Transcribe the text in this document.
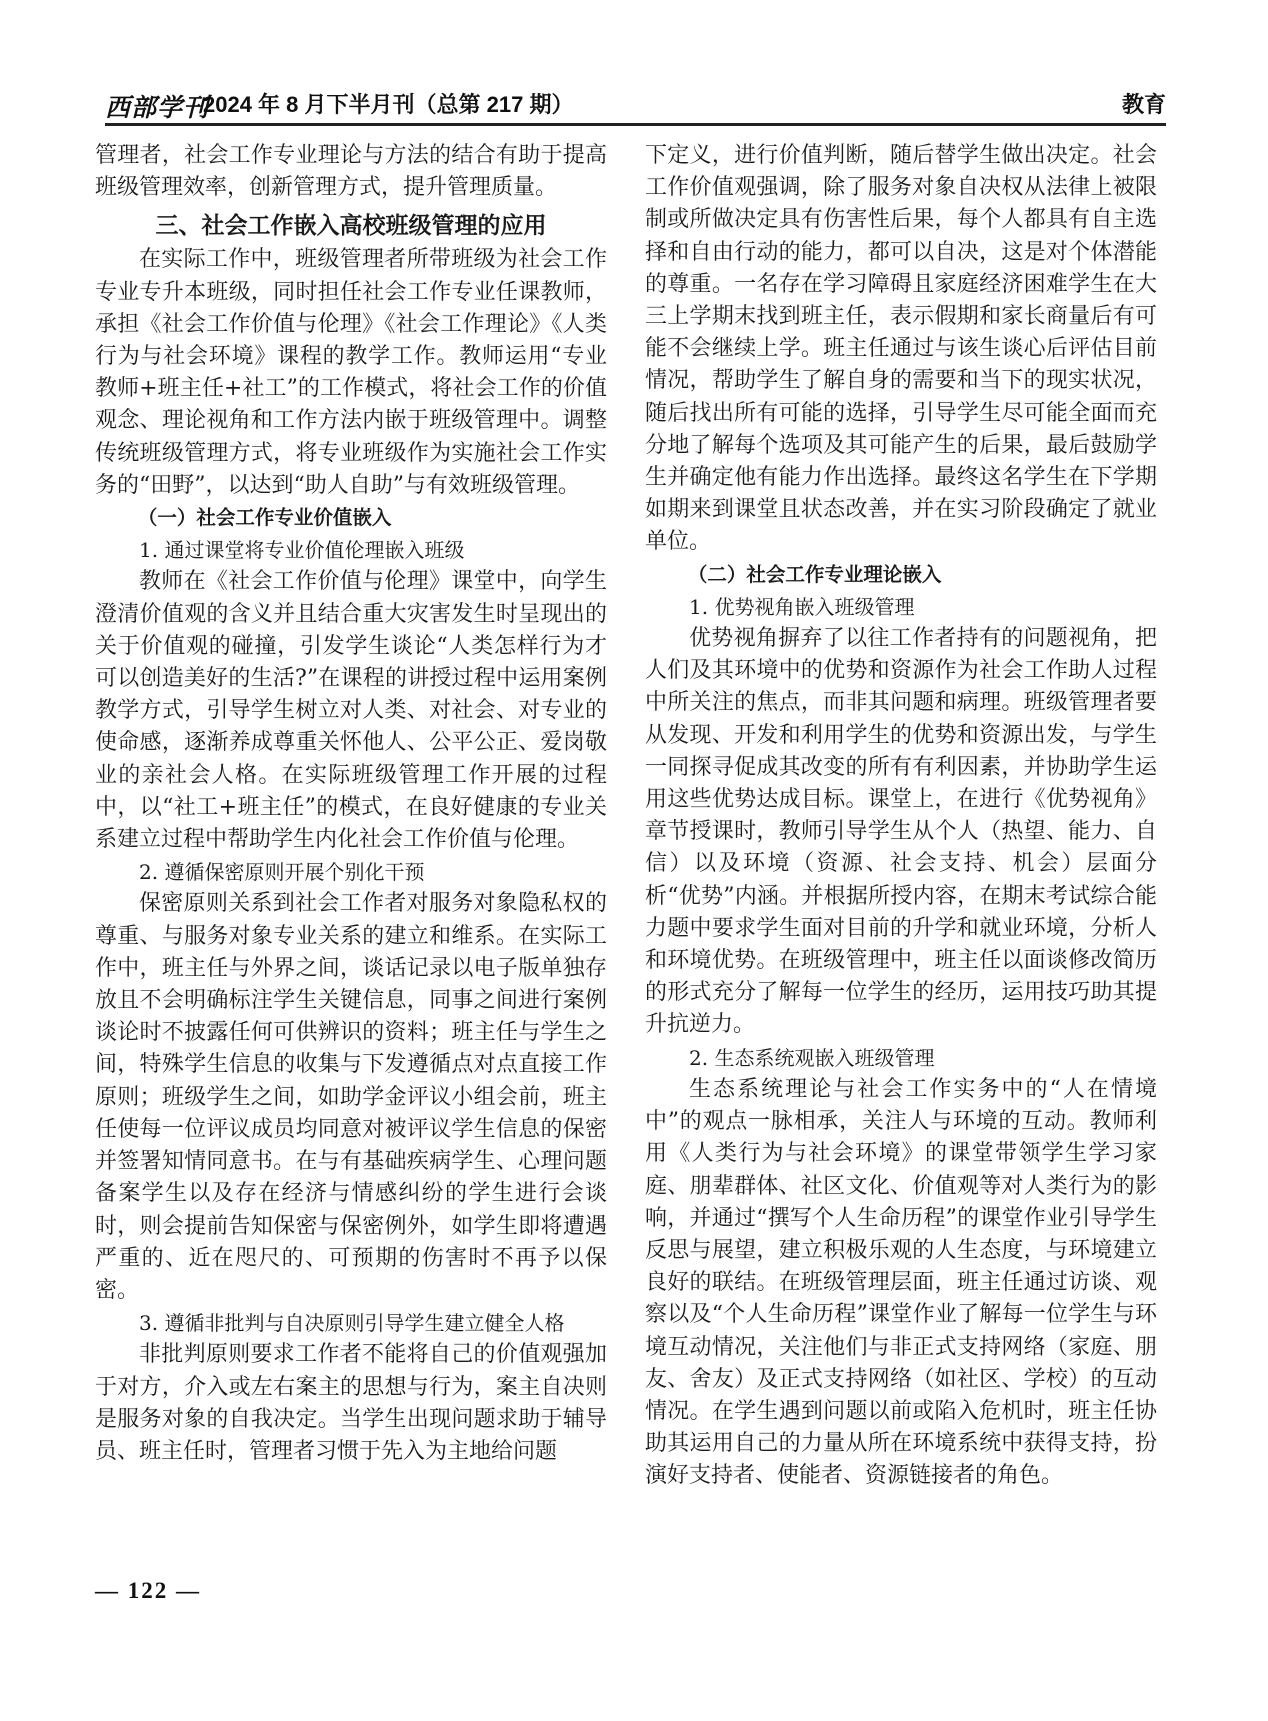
西部学刊
2024 年 8 月下半月刊（总第 217 期）	教育

管理者，社会工作专业理论与方法的结合有助于提高班级管理效率，创新管理方式，提升管理质量。

三、社会工作嵌入高校班级管理的应用

在实际工作中，班级管理者所带班级为社会工作专业专升本班级，同时担任社会工作专业任课教师，承担《社会工作价值与伦理》《社会工作理论》《人类行为与社会环境》课程的教学工作。教师运用“专业教师+班主任+社工”的工作模式，将社会工作的价值观念、理论视角和工作方法内嵌于班级管理中。调整传统班级管理方式，将专业班级作为实施社会工作实务的“田野”，以达到“助人自助”与有效班级管理。

（一）社会工作专业价值嵌入
1. 通过课堂将专业价值伦理嵌入班级

教师在《社会工作价值与伦理》课堂中，向学生澄清价值观的含义并且结合重大灾害发生时呈现出的关于价值观的碰撞，引发学生谈论“人类怎样行为才可以创造美好的生活?”在课程的讲授过程中运用案例教学方式，引导学生树立对人类、对社会、对专业的使命感，逐渐养成尊重关怀他人、公平公正、爱岗敬业的亲社会人格。在实际班级管理工作开展的过程中，以“社工+班主任”的模式，在良好健康的专业关系建立过程中帮助学生内化社会工作价值与伦理。

2. 遵循保密原则开展个别化干预

保密原则关系到社会工作者对服务对象隐私权的尊重、与服务对象专业关系的建立和维系。在实际工作中，班主任与外界之间，谈话记录以电子版单独存放且不会明确标注学生关键信息，同事之间进行案例谈论时不披露任何可供辨识的资料；班主任与学生之间，特殊学生信息的收集与下发遵循点对点直接工作原则；班级学生之间，如助学金评议小组会前，班主任使每一位评议成员均同意对被评议学生信息的保密并签署知情同意书。在与有基础疾病学生、心理问题备案学生以及存在经济与情感纠纷的学生进行会谈时，则会提前告知保密与保密例外，如学生即将遭遇严重的、近在咫尺的、可预期的伤害时不再予以保密。

3. 遵循非批判与自决原则引导学生建立健全人格

非批判原则要求工作者不能将自己的价值观强加于对方，介入或左右案主的思想与行为，案主自决则是服务对象的自我决定。当学生出现问题求助于辅导员、班主任时，管理者习惯于先入为主地给问题

下定义，进行价值判断，随后替学生做出决定。社会工作价值观强调，除了服务对象自决权从法律上被限制或所做决定具有伤害性后果，每个人都具有自主选择和自由行动的能力，都可以自决，这是对个体潜能的尊重。一名存在学习障碍且家庭经济困难学生在大三上学期末找到班主任，表示假期和家长商量后有可能不会继续上学。班主任通过与该生谈心后评估目前情况，帮助学生了解自身的需要和当下的现实状况，随后找出所有可能的选择，引导学生尽可能全面而充分地了解每个选项及其可能产生的后果，最后鼓励学生并确定他有能力作出选择。最终这名学生在下学期如期来到课堂且状态改善，并在实习阶段确定了就业单位。

（二）社会工作专业理论嵌入
1. 优势视角嵌入班级管理

优势视角摒弃了以往工作者持有的问题视角，把人们及其环境中的优势和资源作为社会工作助人过程中所关注的焦点，而非其问题和病理。班级管理者要从发现、开发和利用学生的优势和资源出发，与学生一同探寻促成其改变的所有有利因素，并协助学生运用这些优势达成目标。课堂上，在进行《优势视角》章节授课时，教师引导学生从个人（热望、能力、自信）以及环境（资源、社会支持、机会）层面分析“优势”内涵。并根据所授内容，在期末考试综合能力题中要求学生面对目前的升学和就业环境，分析人和环境优势。在班级管理中，班主任以面谈修改简历的形式充分了解每一位学生的经历，运用技巧助其提升抗逆力。

2. 生态系统观嵌入班级管理

生态系统理论与社会工作实务中的“人在情境中”的观点一脉相承，关注人与环境的互动。教师利用《人类行为与社会环境》的课堂带领学生学习家庭、朋辈群体、社区文化、价值观等对人类行为的影响，并通过“撰写个人生命历程”的课堂作业引导学生反思与展望，建立积极乐观的人生态度，与环境建立良好的联结。在班级管理层面，班主任通过访谈、观察以及“个人生命历程”课堂作业了解每一位学生与环境互动情况，关注他们与非正式支持网络（家庭、朋友、舍友）及正式支持网络（如社区、学校）的互动情况。在学生遇到问题以前或陷入危机时，班主任协助其运用自己的力量从所在环境系统中获得支持，扮演好支持者、使能者、资源链接者的角色。

— 122 —
